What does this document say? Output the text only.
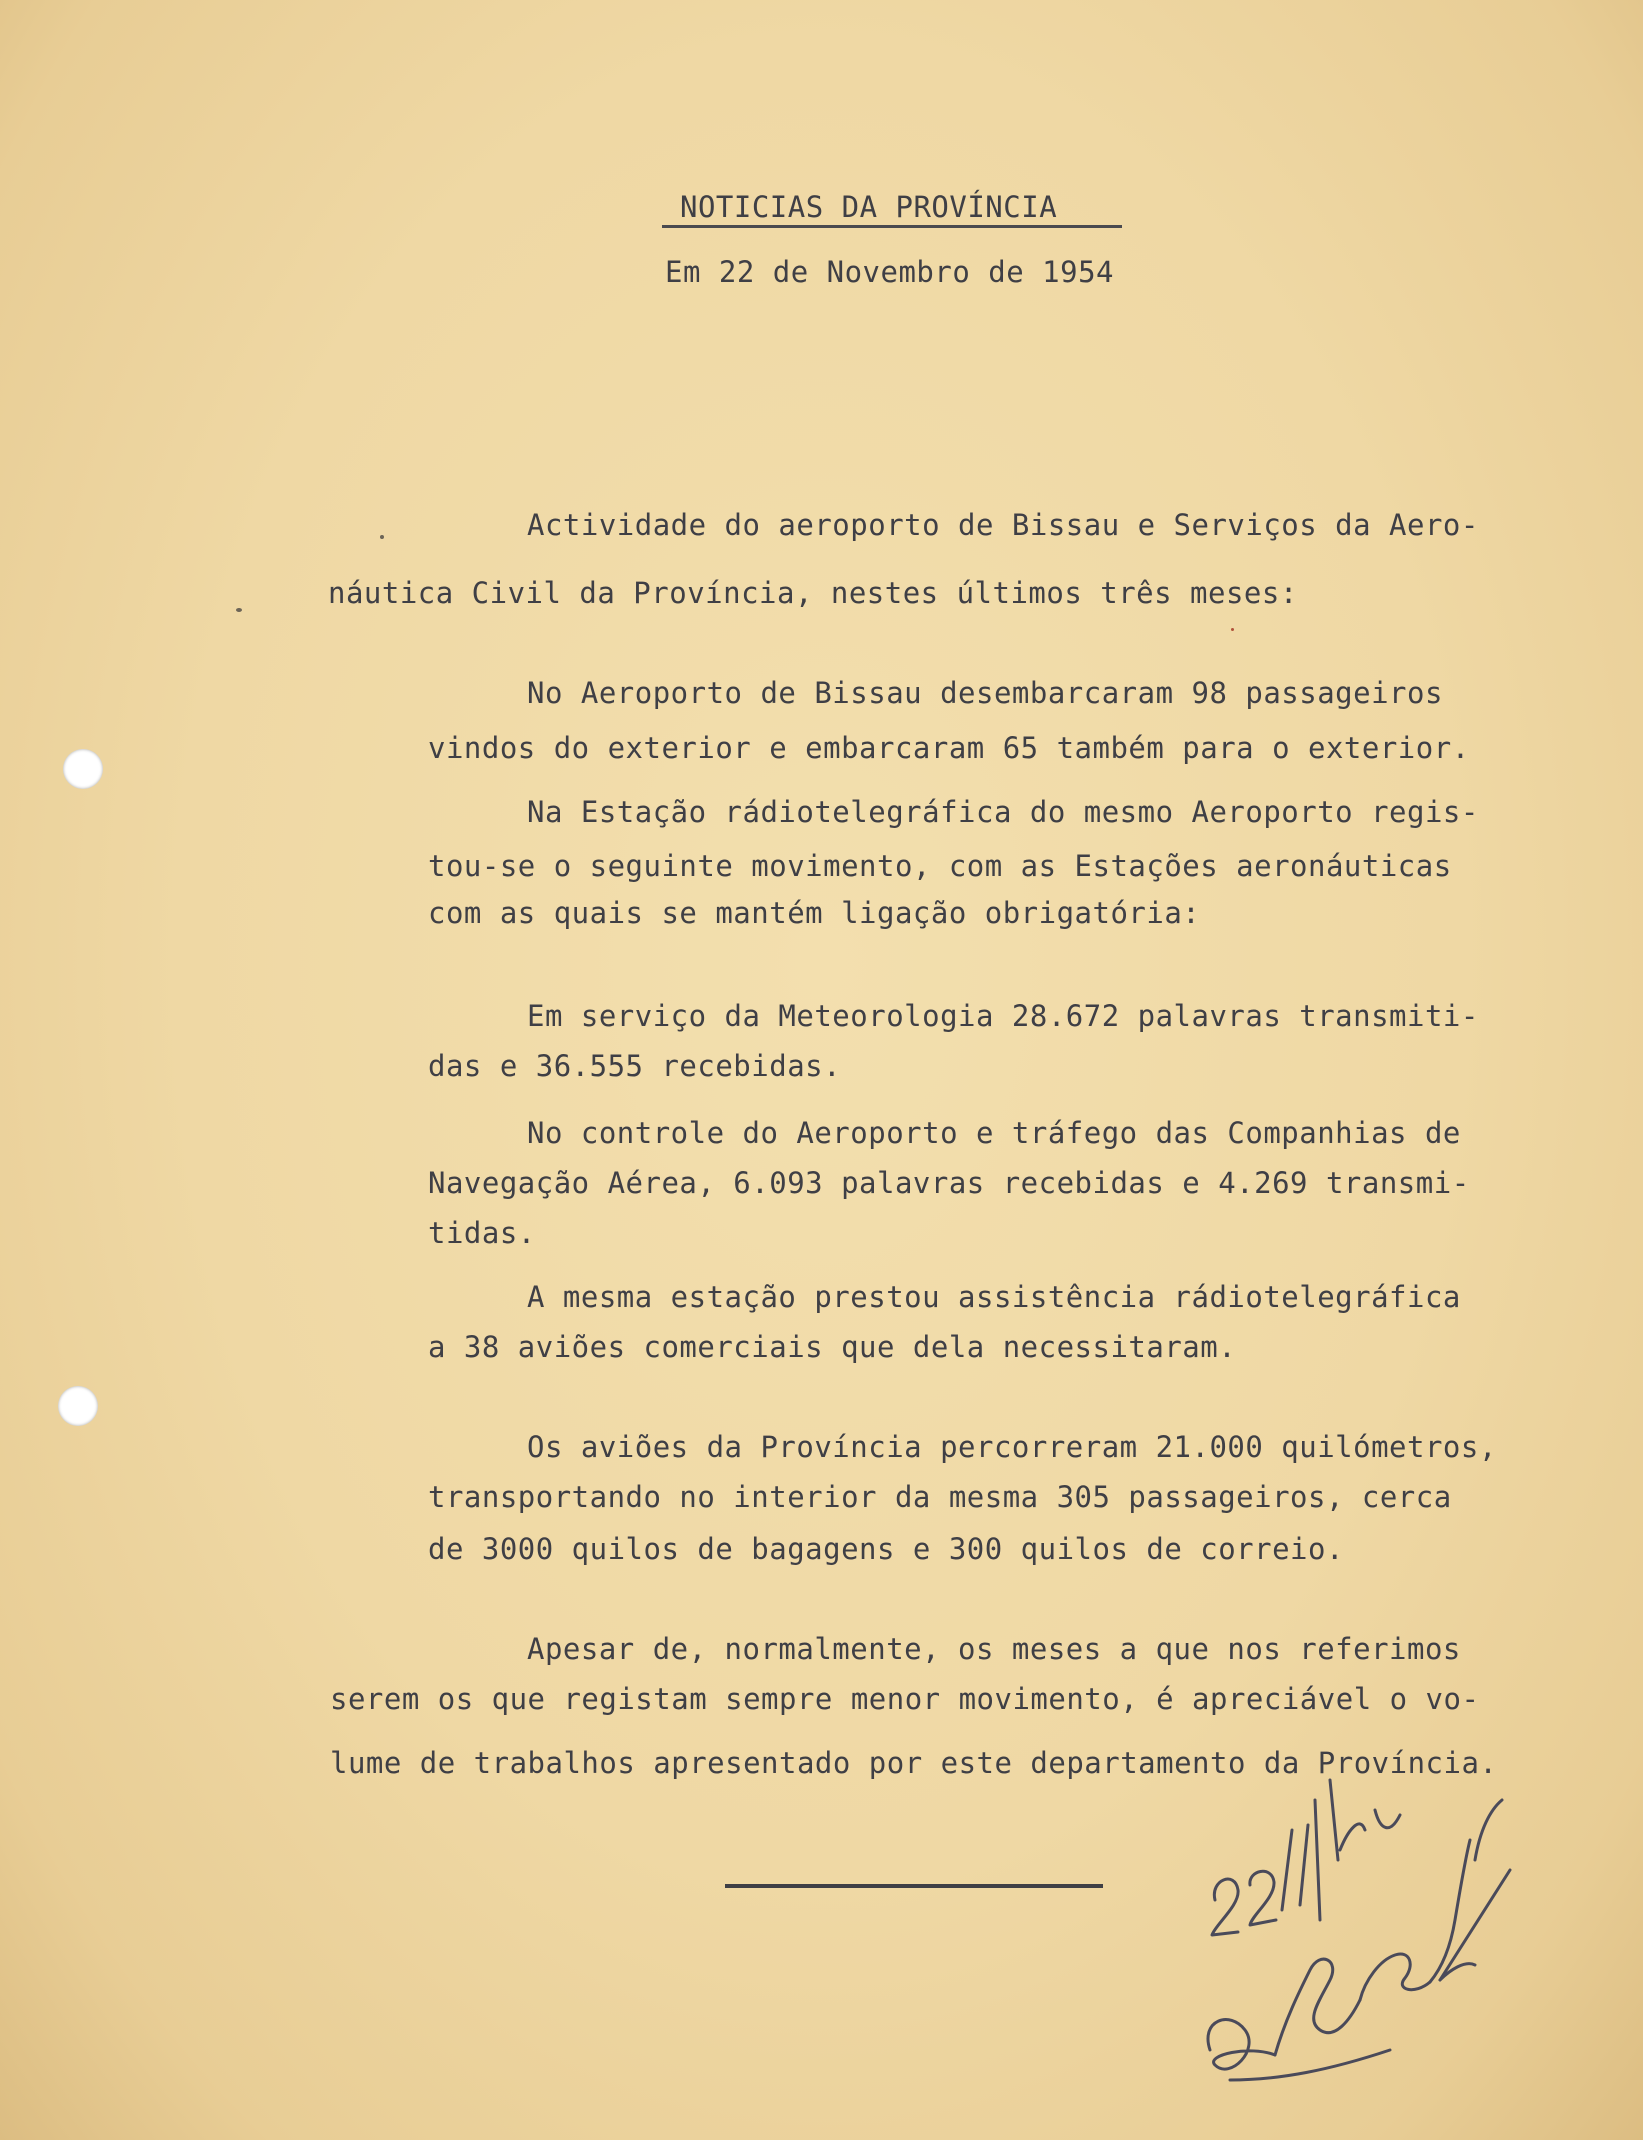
NOTICIAS DA PROVÍNCIA

Em 22 de Novembro de 1954

Actividade do aeroporto de Bissau e Serviços da Aero-

náutica Civil da Província, nestes últimos três meses:

No Aeroporto de Bissau desembarcaram 98 passageiros

vindos do exterior e embarcaram 65 também para o exterior.

Na Estação rádiotelegráfica do mesmo Aeroporto regis-

tou-se o seguinte movimento, com as Estações aeronáuticas

com as quais se mantém ligação obrigatória:

Em serviço da Meteorologia 28.672 palavras transmiti-

das e 36.555 recebidas.

No controle do Aeroporto e tráfego das Companhias de

Navegação Aérea, 6.093 palavras recebidas e 4.269 transmi-

tidas.

A mesma estação prestou assistência rádiotelegráfica

a 38 aviões comerciais que dela necessitaram.

Os aviões da Província percorreram 21.000 quilómetros,

transportando no interior da mesma 305 passageiros, cerca

de 3000 quilos de bagagens e 300 quilos de correio.

Apesar de, normalmente, os meses a que nos referimos

serem os que registam sempre menor movimento, é apreciável o vo-

lume de trabalhos apresentado por este departamento da Província.
